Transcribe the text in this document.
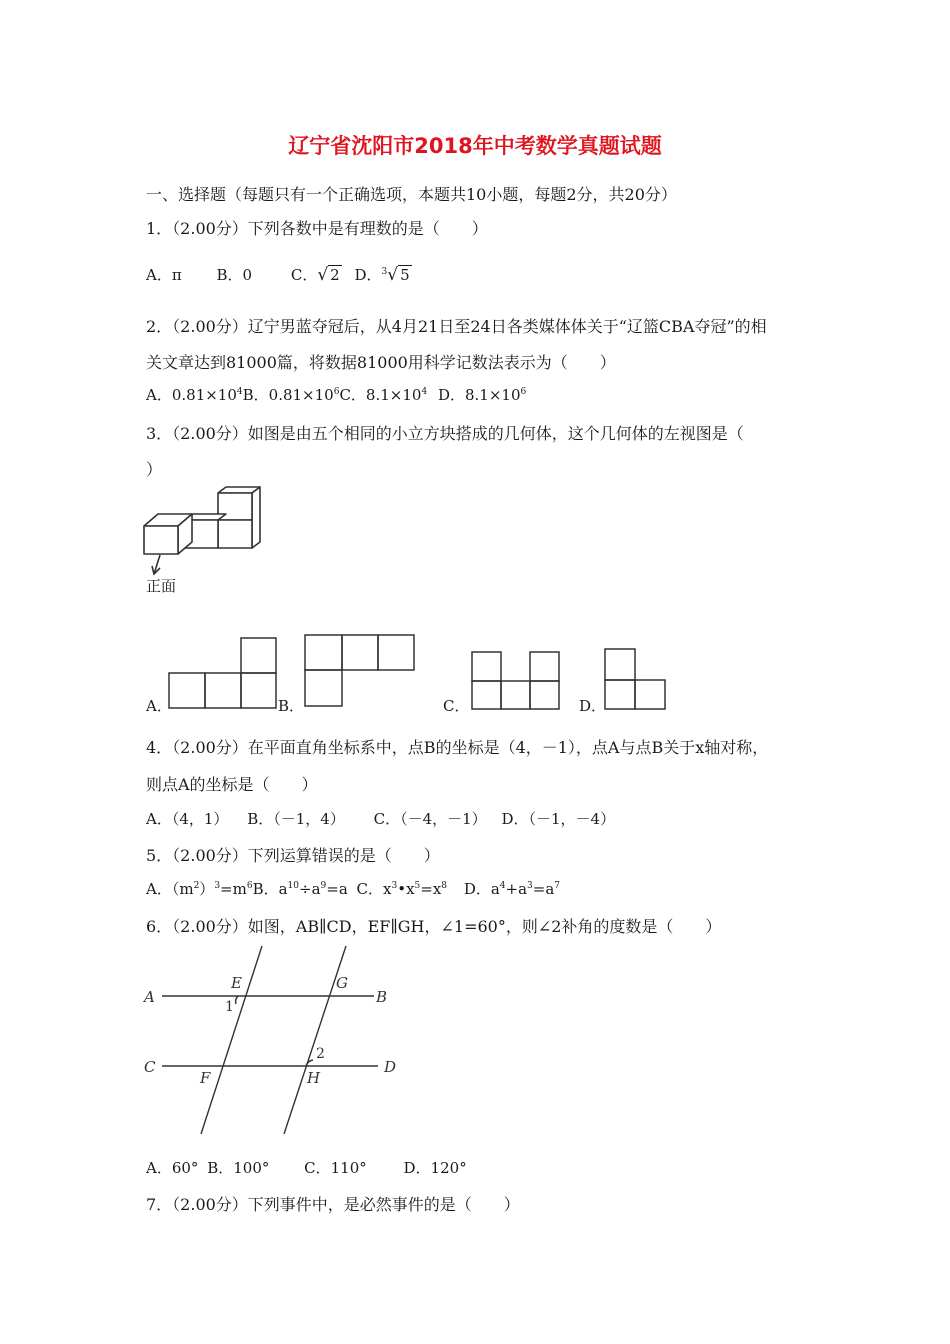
辽宁省沈阳市2018年中考数学真题试题
一、选择题（每题只有一个正确选项，本题共10小题，每题2分，共20分）
1．（2.00分）下列各数中是有理数的是（　　）
A．π B．0	C．√ 2 D．$^3$√ 5
2．（2.00分）辽宁男蓝夺冠后，从4月21日至24日各类媒体体关于“辽篮CBA夺冠”的相
关文章达到81000篇，将数据81000用科学记数法表示为（　　）
A．$0.81\times 10^4B$．$0.81\times 10^6C$．$8.1\times 10^4$ D．$8.1\times 10^6$
3．（2.00分）如图是由五个相同的小立方块搭成的几何体，这个几何体的左视图是（
）
正面
A．	B．	C．	D．
4．（2.00分）在平面直角坐标系中，点B的坐标是（4，－1），点A与点B关于x轴对称，
则点A的坐标是（　　）
A．（4，1） B．（－1，4） C．（－4，－1） D．（－1，－4）
5．（2.00分）下列运算错误的是（　　）
A．$(m^2)^3=m^6B$．$a^{10}\div a^9=a$ C．$x^3•x^5=x^8$ D．$a^4+a^3=a^7$
6．（2.00分）如图，AB∥CD，EF∥GH，∠1=60°，则∠2补角的度数是（　　）
A	B
C	D
E
F
G
H
1
2
A．60° B．100° C．110° D．120°
7．（2.00分）下列事件中，是必然事件的是（　　）
